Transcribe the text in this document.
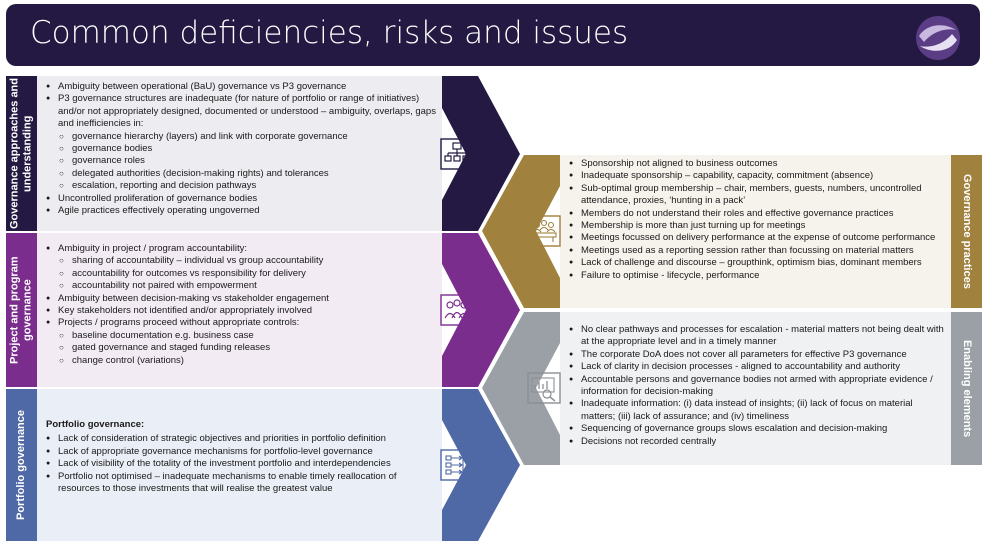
Common deficiencies, risks and issues
Governance approaches and understanding
Project and program governance
Portfolio governance
Governance practices
Enabling elements
● Ambiguity between operational (BaU) governance vs P3 governance
● P3 governance structures are inadequate (for nature of portfolio or range of initiatives) and/or not appropriately designed, documented or understood – ambiguity, overlaps, gaps and inefficiencies in:
○ governance hierarchy (layers) and link with corporate governance
○ governance bodies
○ governance roles
○ delegated authorities (decision-making rights) and tolerances
○ escalation, reporting and decision pathways
● Uncontrolled proliferation of governance bodies
● Agile practices effectively operating ungoverned
● Ambiguity in project / program accountability:
○ sharing of accountability – individual vs group accountability
○ accountability for outcomes vs responsibility for delivery
○ accountability not paired with empowerment
● Ambiguity between decision-making vs stakeholder engagement
● Key stakeholders not identified and/or appropriately involved
● Projects / programs proceed without appropriate controls:
○ baseline documentation e.g. business case
○ gated governance and staged funding releases
○ change control (variations)
Portfolio governance:
● Lack of consideration of strategic objectives and priorities in portfolio definition
● Lack of appropriate governance mechanisms for portfolio-level governance
● Lack of visibility of the totality of the investment portfolio and interdependencies
● Portfolio not optimised – inadequate mechanisms to enable timely reallocation of resources to those investments that will realise the greatest value
● Sponsorship not aligned to business outcomes
● Inadequate sponsorship – capability, capacity, commitment (absence)
● Sub-optimal group membership – chair, members, guests, numbers, uncontrolled attendance, proxies, ‘hunting in a pack’
● Members do not understand their roles and effective governance practices
● Membership is more than just turning up for meetings
● Meetings focussed on delivery performance at the expense of outcome performance
● Meetings used as a reporting session rather than focussing on material matters
● Lack of challenge and discourse – groupthink, optimism bias, dominant members
● Failure to optimise - lifecycle, performance
● No clear pathways and processes for escalation - material matters not being dealt with at the appropriate level and in a timely manner
● The corporate DoA does not cover all parameters for effective P3 governance
● Lack of clarity in decision processes - aligned to accountability and authority
● Accountable persons and governance bodies not armed with appropriate evidence / information for decision-making
● Inadequate information: (i) data instead of insights; (ii) lack of focus on material matters; (iii) lack of assurance; and (iv) timeliness
● Sequencing of governance groups slows escalation and decision-making
● Decisions not recorded centrally
